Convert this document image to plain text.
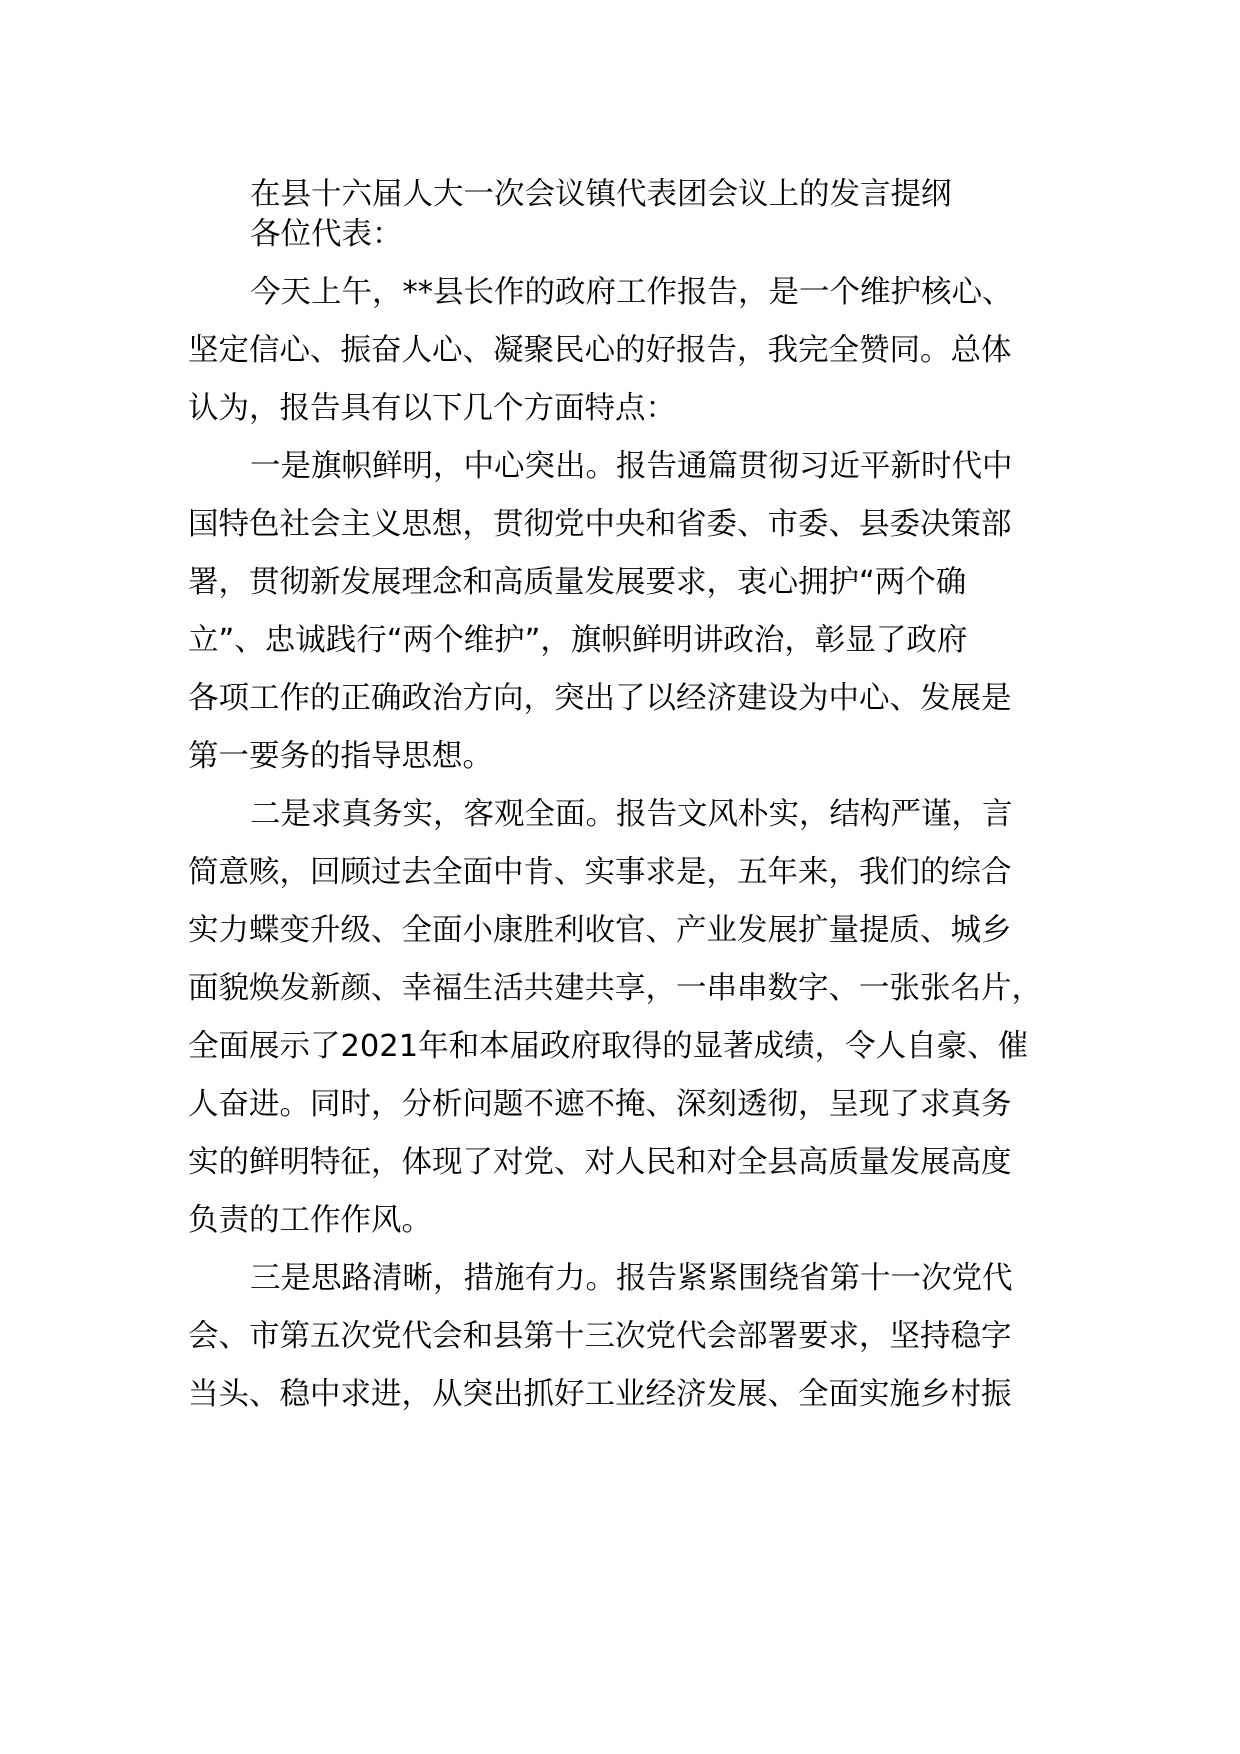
在县十六届人大一次会议镇代表团会议上的发言提纲
各位代表：
今天上午，**县长作的政府工作报告，是一个维护核心、
坚定信心、振奋人心、凝聚民心的好报告，我完全赞同。总体
认为，报告具有以下几个方面特点：
一是旗帜鲜明，中心突出。报告通篇贯彻习近平新时代中
国特色社会主义思想，贯彻党中央和省委、市委、县委决策部
署，贯彻新发展理念和高质量发展要求，衷心拥护“两个确
立”、忠诚践行“两个维护”，旗帜鲜明讲政治，彰显了政府
各项工作的正确政治方向，突出了以经济建设为中心、发展是
第一要务的指导思想。
二是求真务实，客观全面。报告文风朴实，结构严谨，言
简意赅，回顾过去全面中肯、实事求是，五年来，我们的综合
实力蝶变升级、全面小康胜利收官、产业发展扩量提质、城乡
面貌焕发新颜、幸福生活共建共享，一串串数字、一张张名片，
全面展示了2021年和本届政府取得的显著成绩，令人自豪、催
人奋进。同时，分析问题不遮不掩、深刻透彻，呈现了求真务
实的鲜明特征，体现了对党、对人民和对全县高质量发展高度
负责的工作作风。
三是思路清晰，措施有力。报告紧紧围绕省第十一次党代
会、市第五次党代会和县第十三次党代会部署要求，坚持稳字
当头、稳中求进，从突出抓好工业经济发展、全面实施乡村振
